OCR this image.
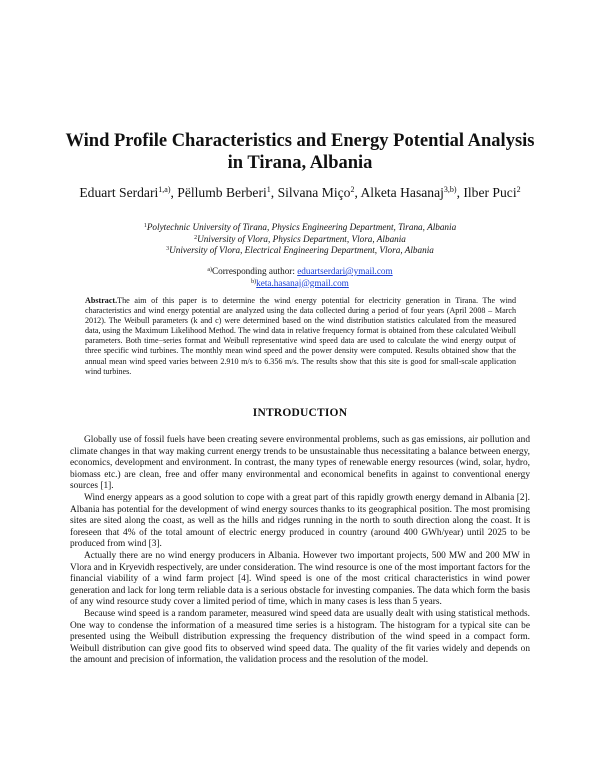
Wind Profile Characteristics and Energy Potential Analysis
in Tirana, Albania
Eduart Serdari$^{1,a)}$, Pëllumb Berberi$^1$, Silvana Miço$^2$, Alketa Hasanaj$^{3,b)}$, Ilber Puci$^2$
$^1$Polytechnic University of Tirana, Physics Engineering Department, Tirana, Albania
$^2$University of Vlora, Physics Department, Vlora, Albania
$^3$University of Vlora, Electrical Engineering Department, Vlora, Albania
$^{a)}$Corresponding author: eduartserdari@ymail.com
$^{b)}$keta.hasanaj@gmail.com

Abstract.The aim of this paper is to determine the wind energy potential for electricity generation in Tirana. The wind characteristics and wind energy potential are analyzed using the data collected during a period of four years (April 2008 – March 2012). The Weibull parameters (k and c) were determined based on the wind distribution statistics calculated from the measured data, using the Maximum Likelihood Method. The wind data in relative frequency format is obtained from these calculated Weibull parameters. Both time−series format and Weibull representative wind speed data are used to calculate the wind energy output of three specific wind turbines. The monthly mean wind speed and the power density were computed. Results obtained show that the annual mean wind speed varies between 2.910 m/s to 6.356 m/s. The results show that this site is good for small-scale application wind turbines.

INTRODUCTION

Globally use of fossil fuels have been creating severe environmental problems, such as gas emissions, air pollution and climate changes in that way making current energy trends to be unsustainable thus necessitating a balance between energy, economics, development and environment. In contrast, the many types of renewable energy resources (wind, solar, hydro, biomass etc.) are clean, free and offer many environmental and economical benefits in against to conventional energy sources [1].

Wind energy appears as a good solution to cope with a great part of this rapidly growth energy demand in Albania [2]. Albania has potential for the development of wind energy sources thanks to its geographical position. The most promising sites are sited along the coast, as well as the hills and ridges running in the north to south direction along the coast. It is foreseen that 4% of the total amount of electric energy produced in country (around 400 GWh/year) until 2025 to be produced from wind [3].

Actually there are no wind energy producers in Albania. However two important projects, 500 MW and 200 MW in Vlora and in Kryevidh respectively, are under consideration. The wind resource is one of the most important factors for the financial viability of a wind farm project [4]. Wind speed is one of the most critical characteristics in wind power generation and lack for long term reliable data is a serious obstacle for investing companies. The data which form the basis of any wind resource study cover a limited period of time, which in many cases is less than 5 years.

Because wind speed is a random parameter, measured wind speed data are usually dealt with using statistical methods. One way to condense the information of a measured time series is a histogram. The histogram for a typical site can be presented using the Weibull distribution expressing the frequency distribution of the wind speed in a compact form. Weibull distribution can give good fits to observed wind speed data. The quality of the fit varies widely and depends on the amount and precision of information, the validation process and the resolution of the model.
